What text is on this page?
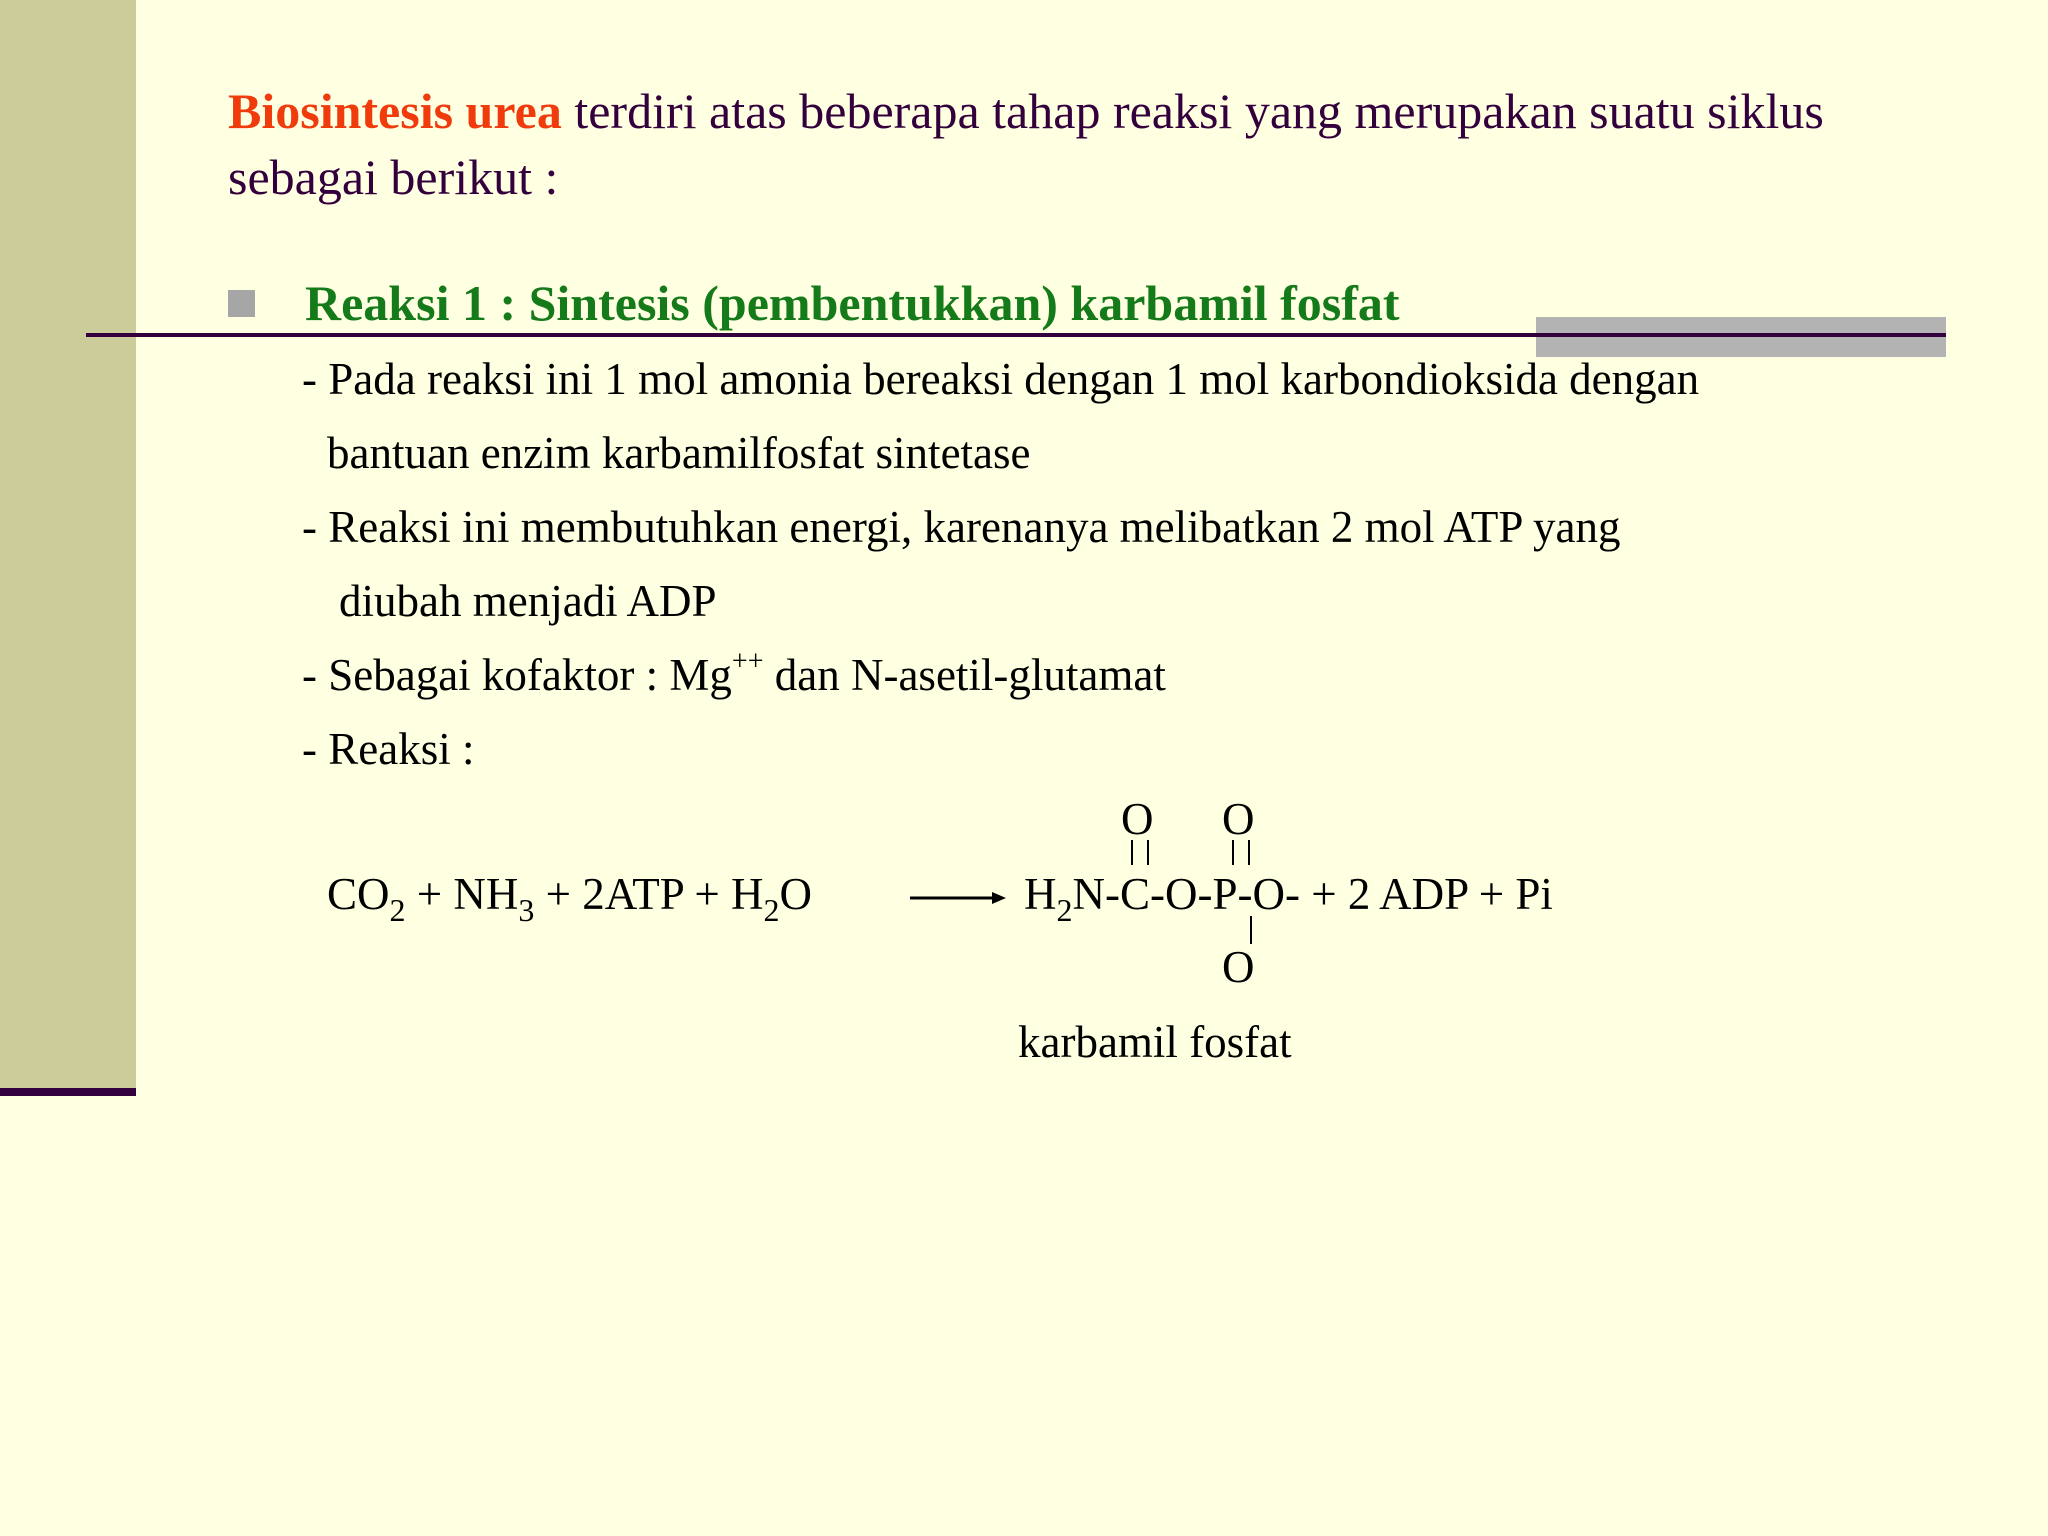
Biosintesis urea terdiri atas beberapa tahap reaksi yang merupakan suatu siklus sebagai berikut :
Reaksi 1 : Sintesis (pembentukkan) karbamil fosfat
- Pada reaksi ini 1 mol amonia bereaksi dengan 1 mol karbondioksida dengan
bantuan enzim karbamilfosfat sintetase
- Reaksi ini membutuhkan energi, karenanya melibatkan 2 mol ATP yang
diubah menjadi ADP
- Sebagai kofaktor : Mg++ dan N-asetil-glutamat
- Reaksi :
$CO_2 + NH_3 + 2ATP + H_2O \to H_2N-C-O-P-O- + 2$ ADP + Pi
O O
O
karbamil fosfat
